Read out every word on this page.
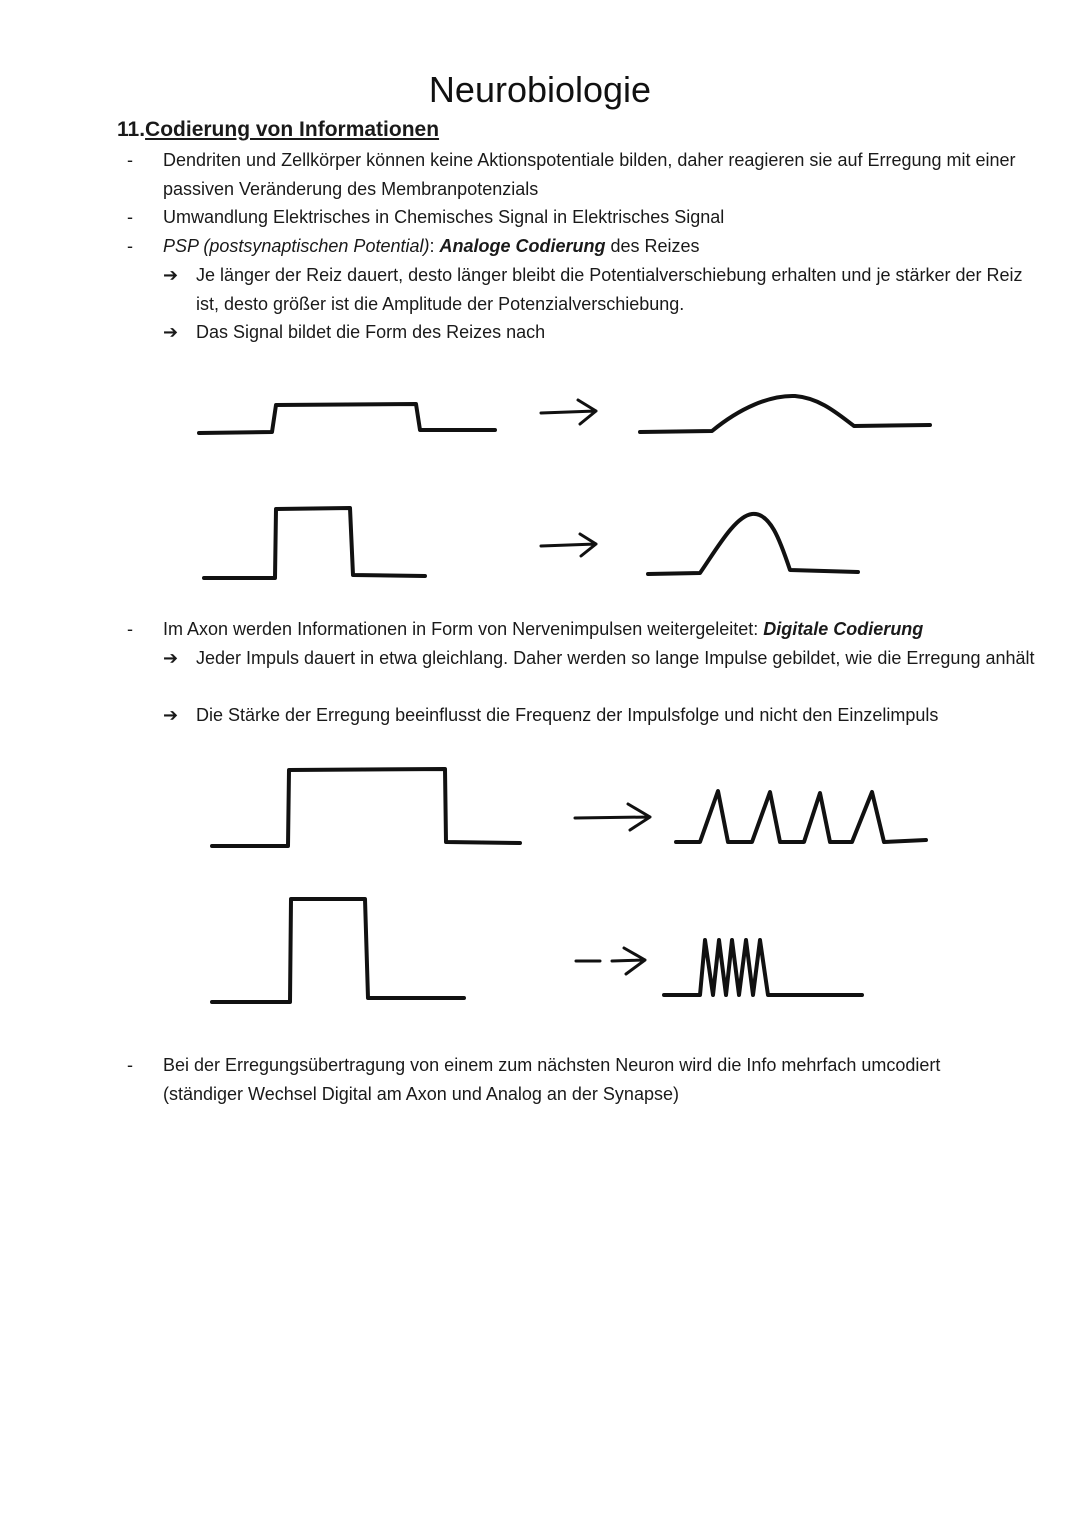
Neurobiologie
11.Codierung von Informationen
- Dendriten und Zellkörper können keine Aktionspotentiale bilden, daher reagieren sie auf Erregung mit einer passiven Veränderung des Membranpotenzials
- Umwandlung Elektrisches in Chemisches Signal in Elektrisches Signal
- PSP (postsynaptischen Potential): Analoge Codierung des Reizes
➔ Je länger der Reiz dauert, desto länger bleibt die Potentialverschiebung erhalten und je stärker der Reiz ist, desto größer ist die Amplitude der Potenzialverschiebung.
➔ Das Signal bildet die Form des Reizes nach
- Im Axon werden Informationen in Form von Nervenimpulsen weitergeleitet: Digitale Codierung
➔ Jeder Impuls dauert in etwa gleichlang. Daher werden so lange Impulse gebildet, wie die Erregung anhält
➔ Die Stärke der Erregung beeinflusst die Frequenz der Impulsfolge und nicht den Einzelimpuls
- Bei der Erregungsübertragung von einem zum nächsten Neuron wird die Info mehrfach umcodiert (ständiger Wechsel Digital am Axon und Analog an der Synapse)
